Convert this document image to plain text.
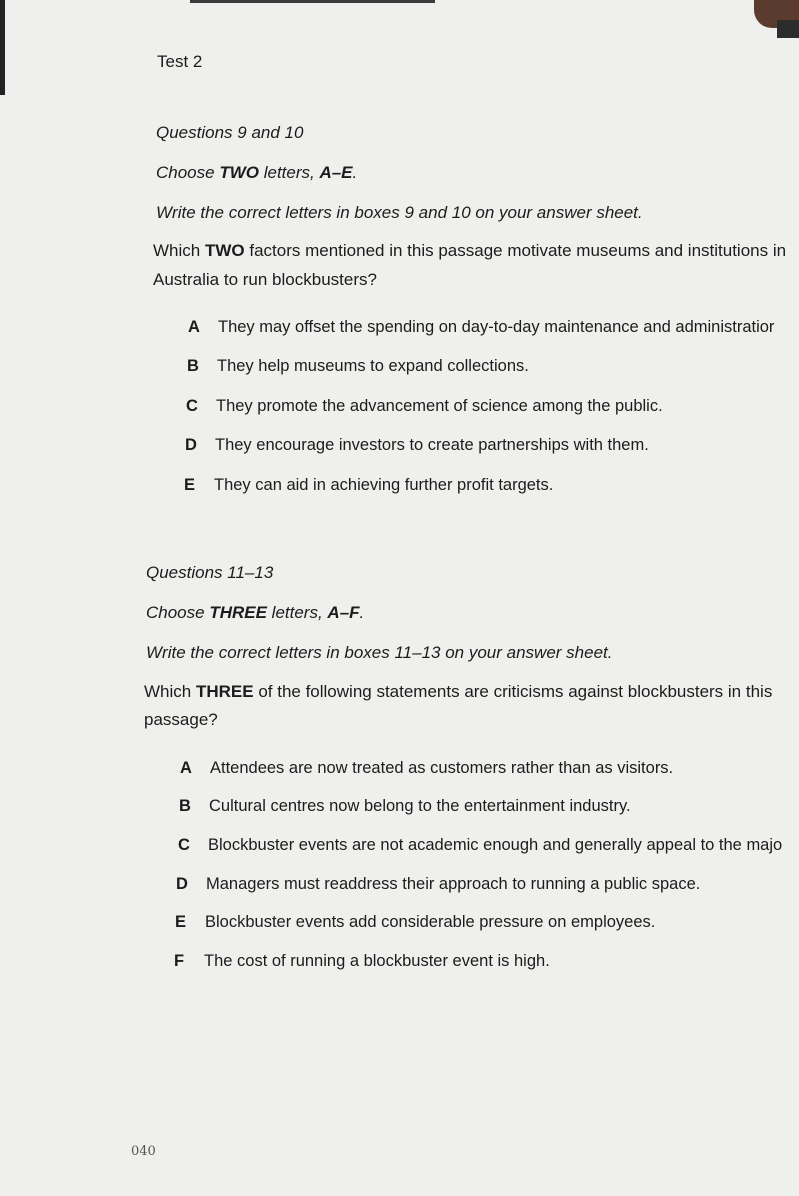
Test 2
Questions 9 and 10
Choose TWO letters, A–E.
Write the correct letters in boxes 9 and 10 on your answer sheet.
Which TWO factors mentioned in this passage motivate museums and institutions in
Australia to run blockbusters?
A They may offset the spending on day-to-day maintenance and administratior
B They help museums to expand collections.
C They promote the advancement of science among the public.
D They encourage investors to create partnerships with them.
E They can aid in achieving further profit targets.
Questions 11–13
Choose THREE letters, A–F.
Write the correct letters in boxes 11–13 on your answer sheet.
Which THREE of the following statements are criticisms against blockbusters in this
passage?
A Attendees are now treated as customers rather than as visitors.
B Cultural centres now belong to the entertainment industry.
C Blockbuster events are not academic enough and generally appeal to the majo
D Managers must readdress their approach to running a public space.
E Blockbuster events add considerable pressure on employees.
F The cost of running a blockbuster event is high.
040
